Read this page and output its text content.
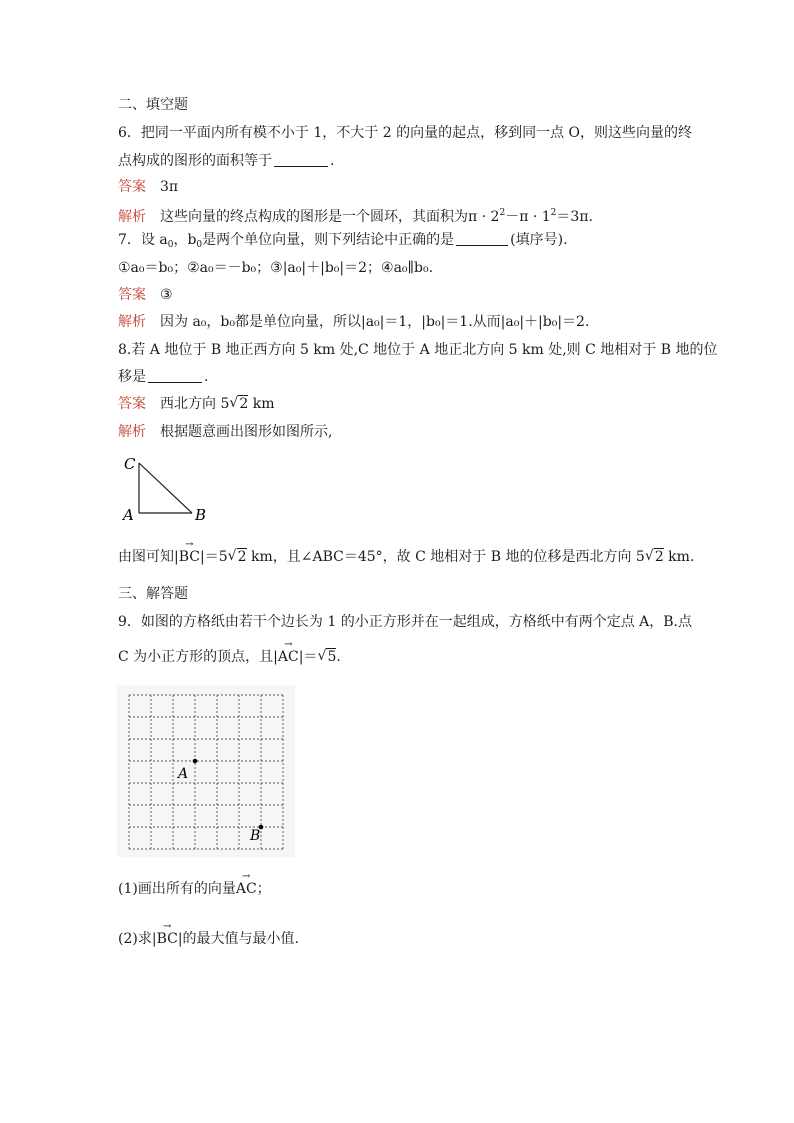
二、填空题
6．把同一平面内所有模不小于 1，不大于 2 的向量的起点，移到同一点 O，则这些向量的终
点构成的图形的面积等于	.
答案 3π
解析 这些向量的终点构成的图形是一个圆环，其面积为$\pi \cdot 2^2-\pi \cdot 1^2=3\pi$.
7．设 $a_0$，$b_0$是两个单位向量，则下列结论中正确的是	(填序号).
①a₀＝b₀；②a₀＝－b₀；③|a₀|＋|b₀|＝2；④a₀∥b₀.
答案 ③
解析 因为 a₀，b₀都是单位向量，所以|a₀|＝1，|b₀|＝1.从而|a₀|＋|b₀|＝2.
8.若 A 地位于 B 地正西方向 5 km 处,C 地位于 A 地正北方向 5 km 处,则 C 地相对于 B 地的位
移是	.
答案 西北方向 5 √ 2 km
解析 根据题意画出图形如图所示,
C
A	B
由图可知|→ BC|＝5 √ 2 km，且∠ABC＝45°，故 C 地相对于 B 地的位移是西北方向 5 √ 2 km.
三、解答题
9．如图的方格纸由若干个边长为 1 的小正方形并在一起组成，方格纸中有两个定点 A，B.点
C 为小正方形的顶点，且|→ AC|＝ √ 5.
A
B
(1)画出所有的向量→ AC；
(2)求|→ BC|的最大值与最小值.
